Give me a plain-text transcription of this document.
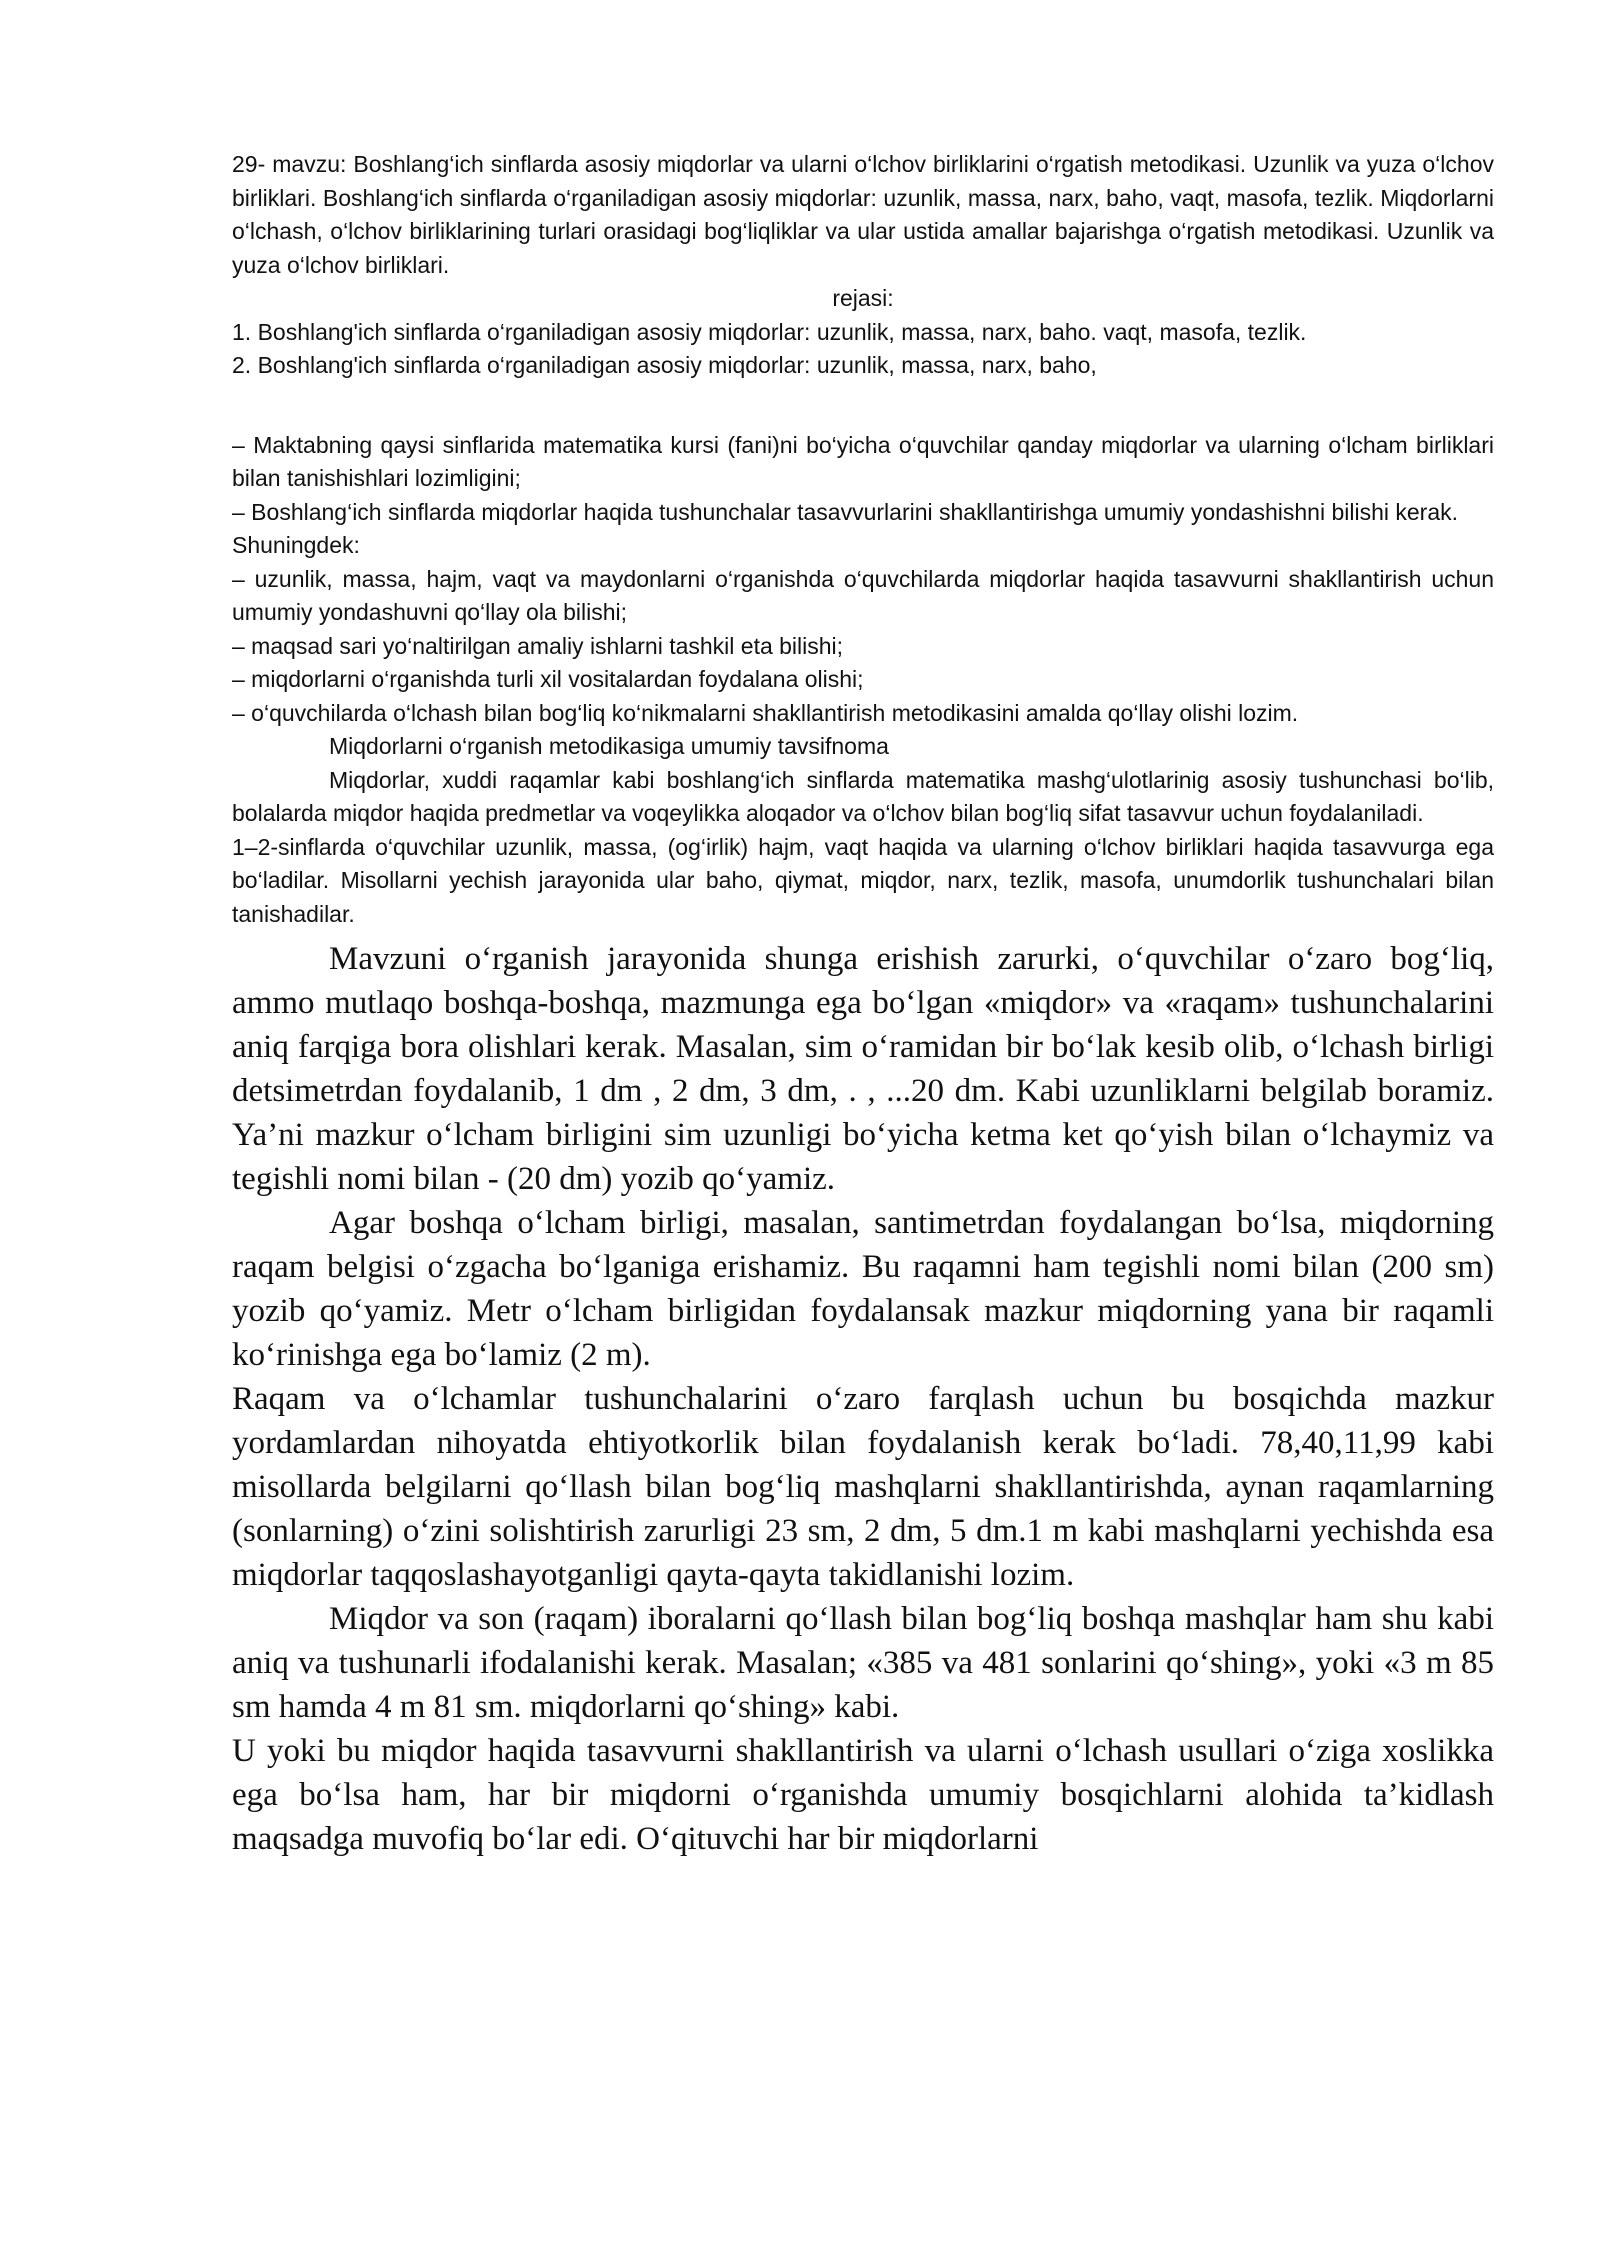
29- mavzu: Boshlang‘ich sinflarda asosiy miqdorlar va ularni o‘lchov birliklarini o‘rgatish metodikasi. Uzunlik va yuza o‘lchov birliklari. Boshlang‘ich sinflarda o‘rganiladigan asosiy miqdorlar: uzunlik, massa, narx, baho, vaqt, masofa, tezlik. Miqdorlarni o‘lchash, o‘lchov birliklarining turlari orasidagi bog‘liqliklar va ular ustida amallar bajarishga o‘rgatish metodikasi. Uzunlik va yuza o‘lchov birliklari.

rejasi:

1. Boshlang'ich sinflarda o‘rganiladigan asosiy miqdorlar: uzunlik, massa, narx, baho. vaqt, masofa, tezlik.

2. Boshlang'ich sinflarda o‘rganiladigan asosiy miqdorlar: uzunlik, massa, narx, baho,

– Maktabning qaysi sinflarida matematika kursi (fani)ni bo‘yicha o‘quvchilar qanday miqdorlar va ularning o‘lcham birliklari bilan tanishishlari lozimligini;

– Boshlang‘ich sinflarda miqdorlar haqida tushunchalar tasavvurlarini shakllantirishga umumiy yondashishni bilishi kerak.

Shuningdek:

– uzunlik, massa, hajm, vaqt va maydonlarni o‘rganishda o‘quvchilarda miqdorlar haqida tasavvurni shakllantirish uchun umumiy yondashuvni qo‘llay ola bilishi;

– maqsad sari yo‘naltirilgan amaliy ishlarni tashkil eta bilishi;

– miqdorlarni o‘rganishda turli xil vositalardan foydalana olishi;

– o‘quvchilarda o‘lchash bilan bog‘liq ko‘nikmalarni shakllantirish metodikasini amalda qo‘llay olishi lozim.

Miqdorlarni o‘rganish metodikasiga umumiy tavsifnoma

Miqdorlar, xuddi raqamlar kabi boshlang‘ich sinflarda matematika mashg‘ulotlarinig asosiy tushunchasi bo‘lib, bolalarda miqdor haqida predmetlar va voqeylikka aloqador va o‘lchov bilan bog‘liq sifat tasavvur uchun foydalaniladi.

1–2-sinflarda o‘quvchilar uzunlik, massa, (og‘irlik) hajm, vaqt haqida va ularning o‘lchov birliklari haqida tasavvurga ega bo‘ladilar. Misollarni yechish jarayonida ular baho, qiymat, miqdor, narx, tezlik, masofa, unumdorlik tushunchalari bilan tanishadilar.

Mavzuni o‘rganish jarayonida shunga erishish zarurki, o‘quvchilar o‘zaro bog‘liq, ammo mutlaqo boshqa-boshqa, mazmunga ega bo‘lgan «miqdor» va «raqam» tushunchalarini aniq farqiga bora olishlari kerak. Masalan, sim o‘ramidan bir bo‘lak kesib olib, o‘lchash birligi detsimetrdan foydalanib, 1 dm , 2 dm, 3 dm, . , ...20 dm. Kabi uzunliklarni belgilab boramiz. Ya’ni mazkur o‘lcham birligini sim uzunligi bo‘yicha ketma ket qo‘yish bilan o‘lchaymiz va tegishli nomi bilan - (20 dm) yozib qo‘yamiz.

Agar boshqa o‘lcham birligi, masalan, santimetrdan foydalangan bo‘lsa, miqdorning raqam belgisi o‘zgacha bo‘lganiga erishamiz. Bu raqamni ham tegishli nomi bilan (200 sm) yozib qo‘yamiz. Metr o‘lcham birligidan foydalansak mazkur miqdorning yana bir raqamli ko‘rinishga ega bo‘lamiz (2 m).

Raqam va o‘lchamlar tushunchalarini o‘zaro farqlash uchun bu bosqichda mazkur yordamlardan nihoyatda ehtiyotkorlik bilan foydalanish kerak bo‘ladi. 78,40,11,99 kabi misollarda belgilarni qo‘llash bilan bog‘liq mashqlarni shakllantirishda, aynan raqamlarning (sonlarning) o‘zini solishtirish zarurligi 23 sm, 2 dm, 5 dm.1 m kabi mashqlarni yechishda esa miqdorlar taqqoslashayotganligi qayta-qayta takidlanishi lozim.

Miqdor va son (raqam) iboralarni qo‘llash bilan bog‘liq boshqa mashqlar ham shu kabi aniq va tushunarli ifodalanishi kerak. Masalan; «385 va 481 sonlarini qo‘shing», yoki «3 m 85 sm hamda 4 m 81 sm. miqdorlarni qo‘shing» kabi.

U yoki bu miqdor haqida tasavvurni shakllantirish va ularni o‘lchash usullari o‘ziga xoslikka ega bo‘lsa ham, har bir miqdorni o‘rganishda umumiy bosqichlarni alohida ta’kidlash maqsadga muvofiq bo‘lar edi. O‘qituvchi har bir miqdorlarni
